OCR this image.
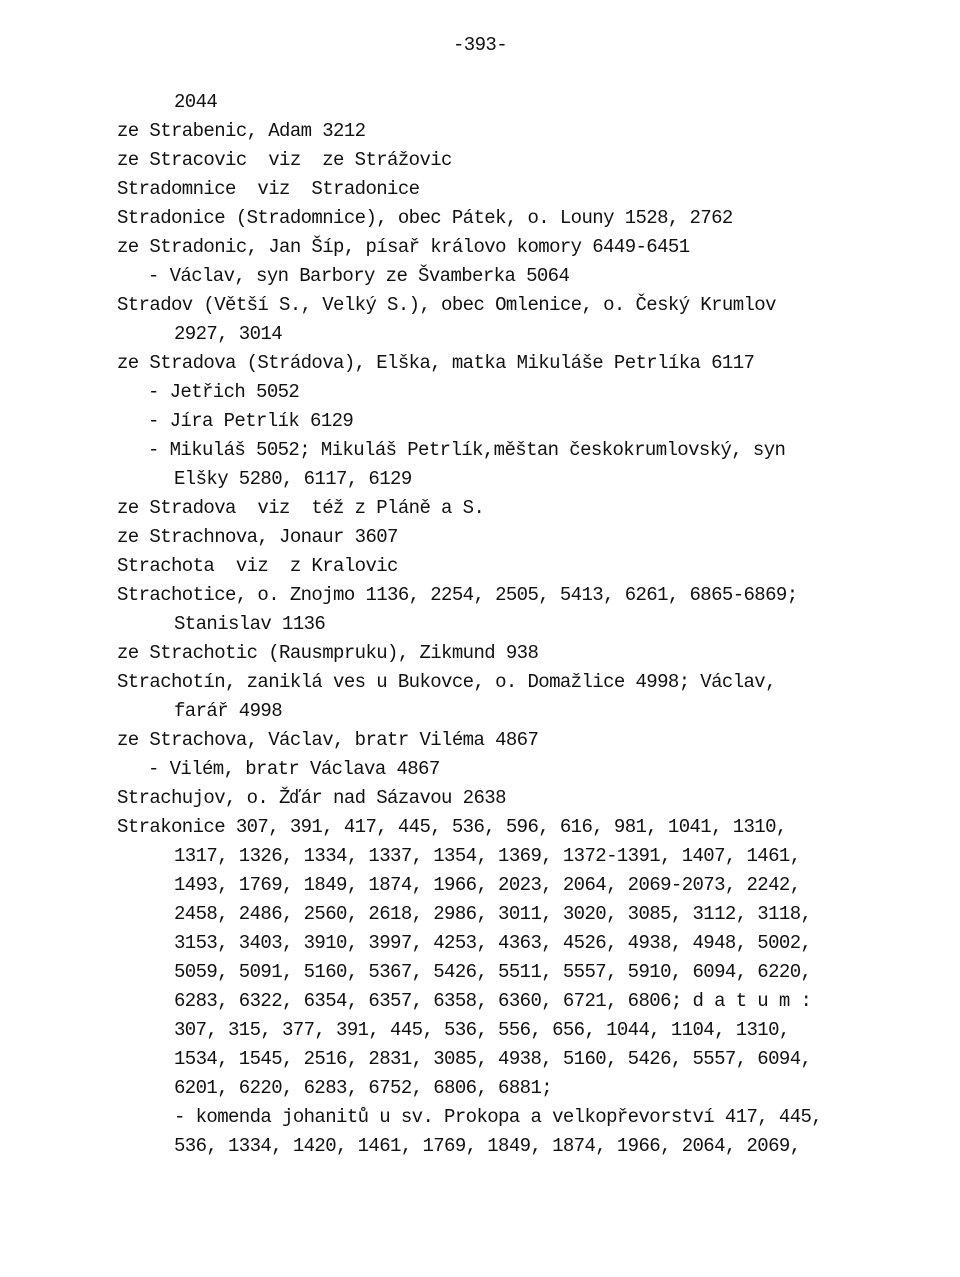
-393-
2044
ze Strabenic, Adam 3212
ze Stracovic  viz  ze Strážovic
Stradomnice  viz  Stradonice
Stradonice (Stradomnice), obec Pátek, o. Louny 1528, 2762
ze Stradonic, Jan Šíp, písař královo komory 6449-6451
- Václav, syn Barbory ze Švamberka 5064
Stradov (Větší S., Velký S.), obec Omlenice, o. Český Krumlov
2927, 3014
ze Stradova (Strádova), Elška, matka Mikuláše Petrlíka 6117
- Jetřich 5052
- Jíra Petrlík 6129
- Mikuláš 5052; Mikuláš Petrlík,měštan českokrumlovský, syn
Elšky 5280, 6117, 6129
ze Stradova  viz  též z Pláně a S.
ze Strachnova, Jonaur 3607
Strachota  viz  z Kralovic
Strachotice, o. Znojmo 1136, 2254, 2505, 5413, 6261, 6865-6869;
Stanislav 1136
ze Strachotic (Rausmpruku), Zikmund 938
Strachotín, zaniklá ves u Bukovce, o. Domažlice 4998; Václav,
farář 4998
ze Strachova, Václav, bratr Viléma 4867
- Vilém, bratr Václava 4867
Strachujov, o. Žďár nad Sázavou 2638
Strakonice 307, 391, 417, 445, 536, 596, 616, 981, 1041, 1310,
1317, 1326, 1334, 1337, 1354, 1369, 1372-1391, 1407, 1461,
1493, 1769, 1849, 1874, 1966, 2023, 2064, 2069-2073, 2242,
2458, 2486, 2560, 2618, 2986, 3011, 3020, 3085, 3112, 3118,
3153, 3403, 3910, 3997, 4253, 4363, 4526, 4938, 4948, 5002,
5059, 5091, 5160, 5367, 5426, 5511, 5557, 5910, 6094, 6220,
6283, 6322, 6354, 6357, 6358, 6360, 6721, 6806; d a t u m :
307, 315, 377, 391, 445, 536, 556, 656, 1044, 1104, 1310,
1534, 1545, 2516, 2831, 3085, 4938, 5160, 5426, 5557, 6094,
6201, 6220, 6283, 6752, 6806, 6881;
- komenda johanitů u sv. Prokopa a velkopřevorství 417, 445,
536, 1334, 1420, 1461, 1769, 1849, 1874, 1966, 2064, 2069,
